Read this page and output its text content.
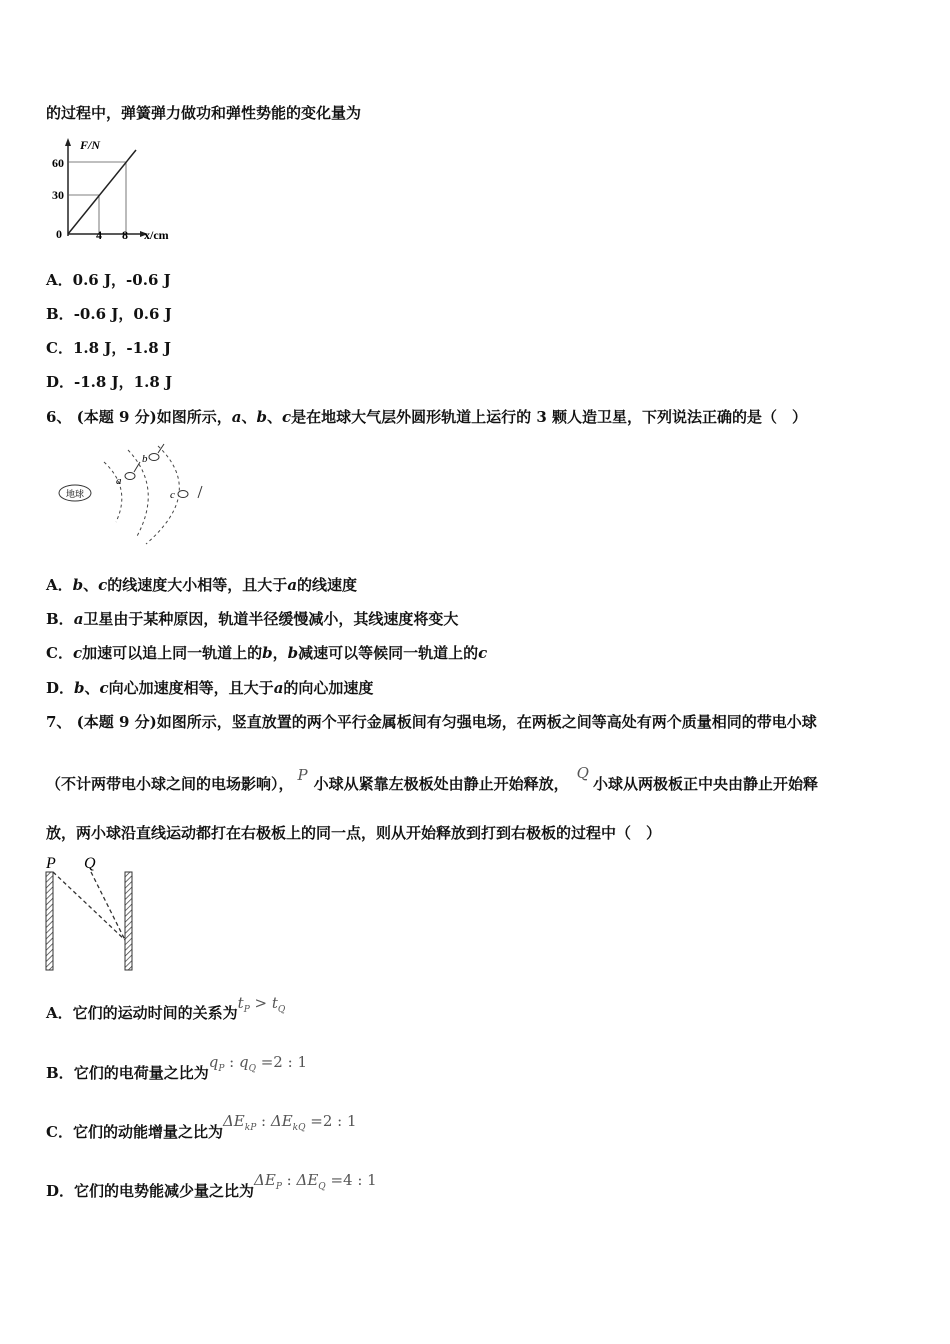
的过程中，弹簧弹力做功和弹性势能的变化量为
F/N
60
30
0	4 8 x/cm
A．0.6 J，-0.6 J
B．-0.6 J，0.6 J
C．1.8 J，-1.8 J
D．-1.8 J，1.8 J
6、 (本题 9 分)如图所示，a、b、c是在地球大气层外圆形轨道上运行的 3 颗人造卫星，下列说法正确的是（　）
地球
a
b
c
A．b、c的线速度大小相等，且大于a的线速度
B．a卫星由于某种原因，轨道半径缓慢减小，其线速度将变大
C．c加速可以追上同一轨道上的b，b减速可以等候同一轨道上的c
D．b、c向心加速度相等，且大于a的向心加速度
7、 (本题 9 分)如图所示，竖直放置的两个平行金属板间有匀强电场，在两板之间等高处有两个质量相同的带电小球
（不计两带电小球之间的电场影响）， P 小球从紧靠左极板处由静止开始释放，Q小球从两极板正中央由静止开始释
放，两小球沿直线运动都打在右极板上的同一点，则从开始释放到打到右极板的过程中（　）
P Q
A．它们的运动时间的关系为$t_P > t_Q$
B．它们的电荷量之比为$q_P$ : $q_Q =2$ : 1
C．它们的动能增量之比为$\Delta E_{kP}$ : $\Delta E_{kQ} =2$ : 1
D．它们的电势能减少量之比为$\Delta E_P$ : $\Delta E_Q =4$ : 1
